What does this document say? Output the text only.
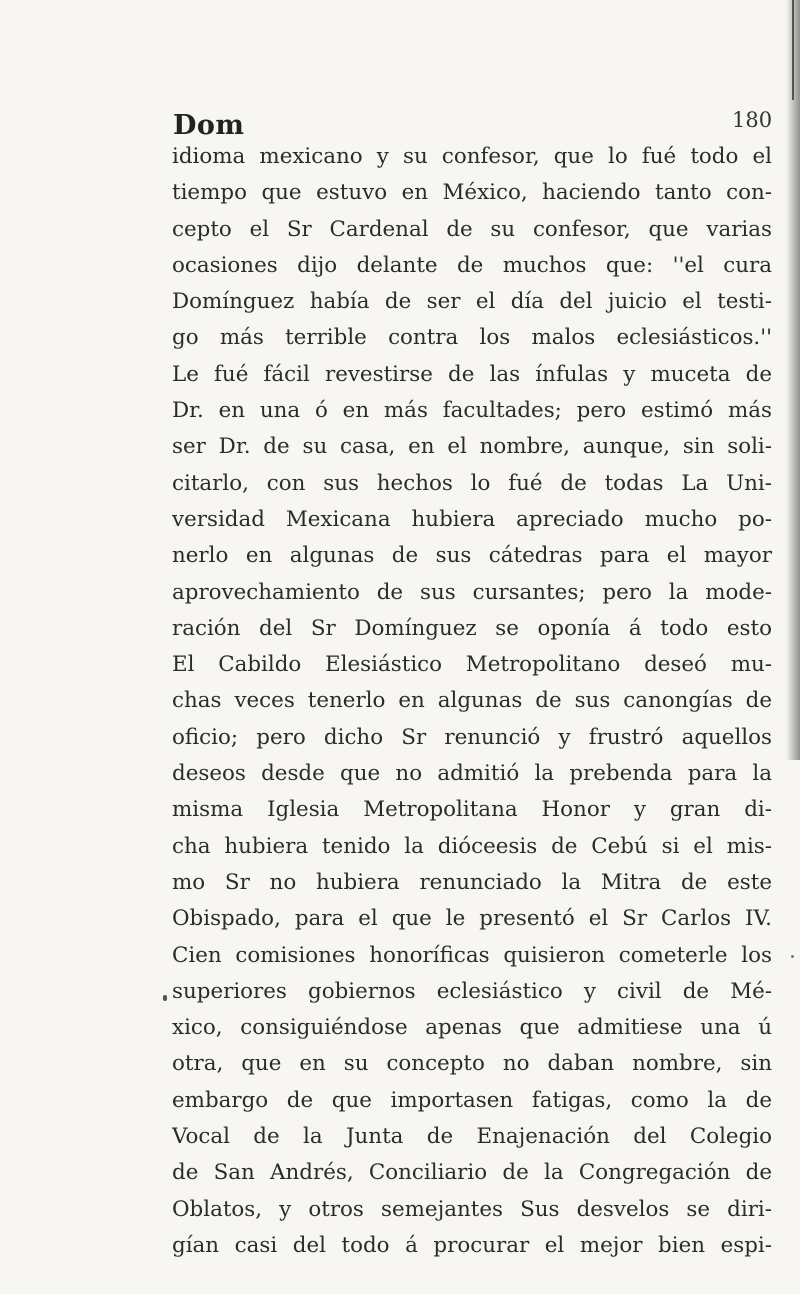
Dom	180
idioma mexicano y su confesor, que lo fué todo el
tiempo que estuvo en México, haciendo tanto con-
cepto el Sr Cardenal de su confesor, que varias
ocasiones dijo delante de muchos que: ''el cura
Domínguez había de ser el día del juicio el testi-
go más terrible contra los malos eclesiásticos.''
Le fué fácil revestirse de las ínfulas y muceta de
Dr. en una ó en más facultades; pero estimó más
ser Dr. de su casa, en el nombre, aunque, sin soli-
citarlo, con sus hechos lo fué de todas La Uni-
versidad Mexicana hubiera apreciado mucho po-
nerlo en algunas de sus cátedras para el mayor
aprovechamiento de sus cursantes; pero la mode-
ración del Sr Domínguez se oponía á todo esto
El Cabildo Elesiástico Metropolitano deseó mu-
chas veces tenerlo en algunas de sus canongías de
oficio; pero dicho Sr renunció y frustró aquellos
deseos desde que no admitió la prebenda para la
misma Iglesia Metropolitana Honor y gran di-
cha hubiera tenido la dióceesis de Cebú si el mis-
mo Sr no hubiera renunciado la Mitra de este
Obispado, para el que le presentó el Sr Carlos IV.
Cien comisiones honoríficas quisieron cometerle los
superiores gobiernos eclesiástico y civil de Mé-
xico, consiguiéndose apenas que admitiese una ú
otra, que en su concepto no daban nombre, sin
embargo de que importasen fatigas, como la de
Vocal de la Junta de Enajenación del Colegio
de San Andrés, Conciliario de la Congregación de
Oblatos, y otros semejantes Sus desvelos se diri-
gían casi del todo á procurar el mejor bien espi-
